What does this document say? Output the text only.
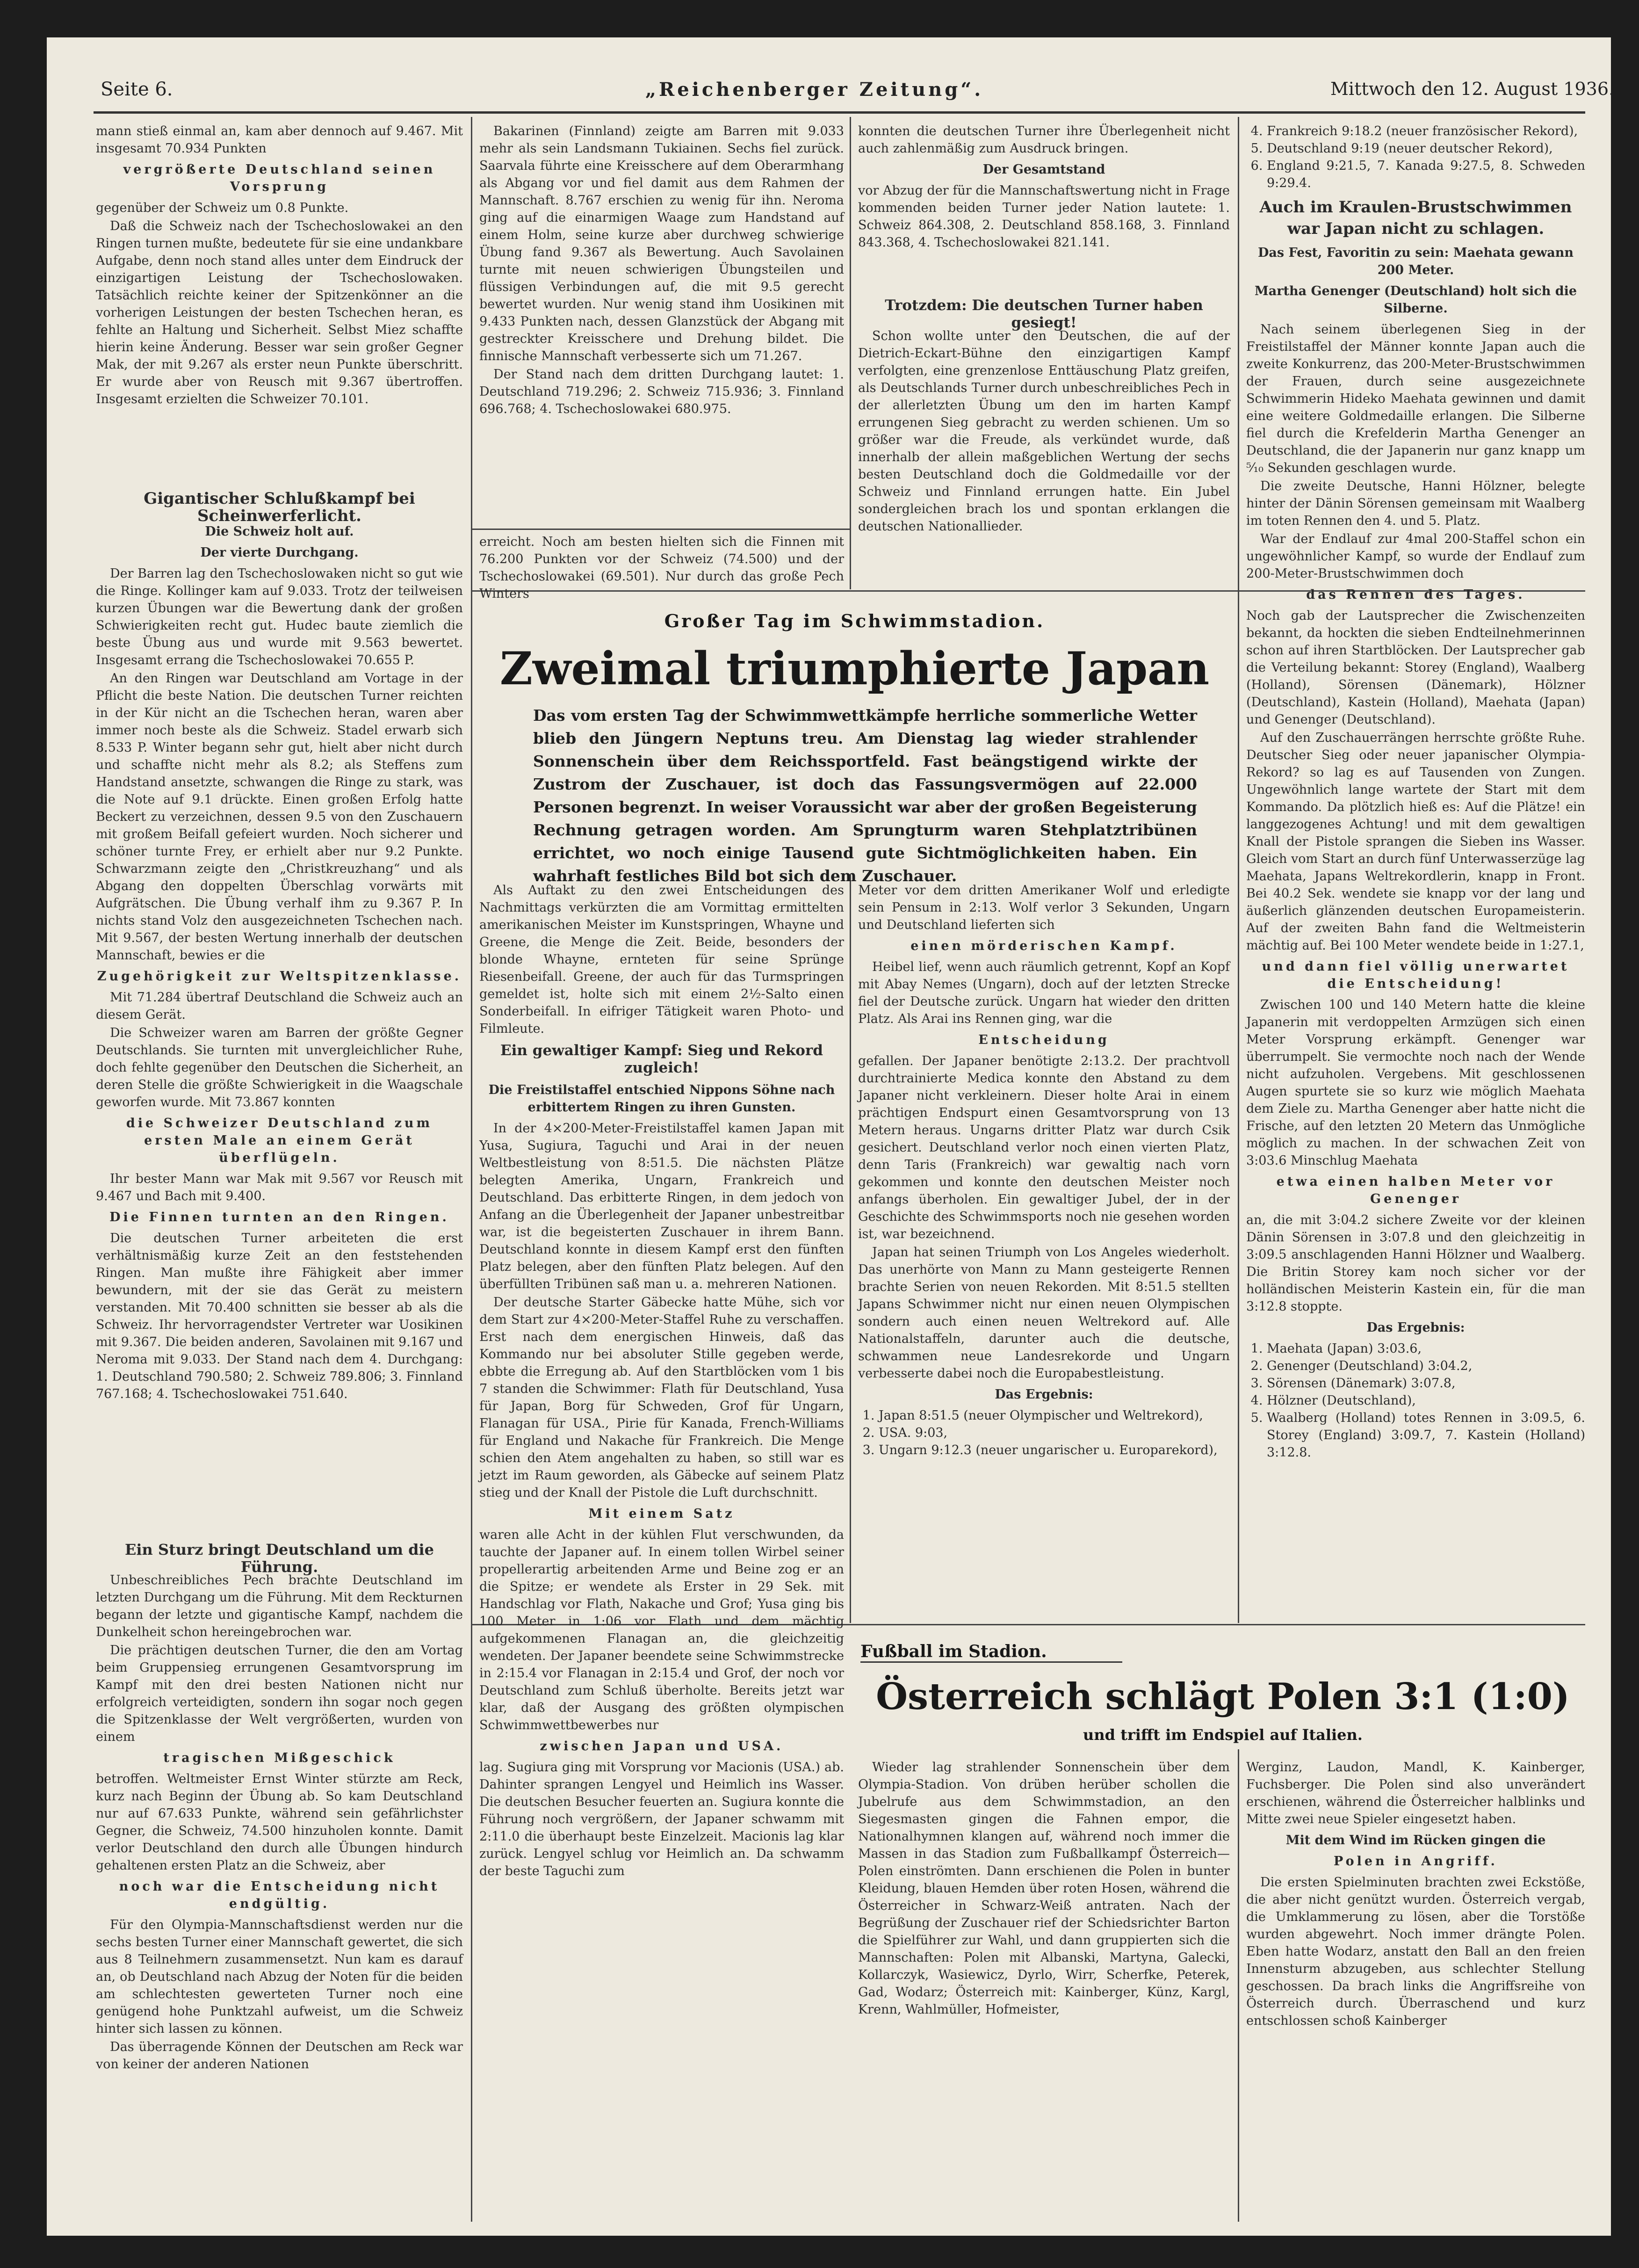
Seite 6.	„Reichenberger Zeitung“.	Mittwoch den 12. August 1936.

mann stieß einmal an, kam aber dennoch auf 9.467. Mit insgesamt 70.934 Punkten

vergrößerte Deutschland seinen Vorsprung

gegenüber der Schweiz um 0.8 Punkte.

Daß die Schweiz nach der Tschechoslowakei an den Ringen turnen mußte, bedeutete für sie eine undankbare Aufgabe, denn noch stand alles unter dem Eindruck der einzigartigen Leistung der Tschechoslowaken. Tatsächlich reichte keiner der Spitzenkönner an die vorherigen Leistungen der besten Tschechen heran, es fehlte an Haltung und Sicherheit. Selbst Miez schaffte hierin keine Änderung. Besser war sein großer Gegner Mak, der mit 9.267 als erster neun Punkte überschritt. Er wurde aber von Reusch mit 9.367 übertroffen. Insgesamt erzielten die Schweizer 70.101.

Gigantischer Schlußkampf bei Scheinwerferlicht.

Die Schweiz holt auf.

Der vierte Durchgang.

Der Barren lag den Tschechoslowaken nicht so gut wie die Ringe. Kollinger kam auf 9.033. Trotz der teilweisen kurzen Übungen war die Bewertung dank der großen Schwierigkeiten recht gut. Hudec baute ziemlich die beste Übung aus und wurde mit 9.563 bewertet. Insgesamt errang die Tschechoslowakei 70.655 P.

An den Ringen war Deutschland am Vortage in der Pflicht die beste Nation. Die deutschen Turner reichten in der Kür nicht an die Tschechen heran, waren aber immer noch beste als die Schweiz. Stadel erwarb sich 8.533 P. Winter begann sehr gut, hielt aber nicht durch und schaffte nicht mehr als 8.2; als Steffens zum Handstand ansetzte, schwangen die Ringe zu stark, was die Note auf 9.1 drückte. Einen großen Erfolg hatte Beckert zu verzeichnen, dessen 9.5 von den Zuschauern mit großem Beifall gefeiert wurden. Noch sicherer und schöner turnte Frey, er erhielt aber nur 9.2 Punkte. Schwarzmann zeigte den „Christkreuzhang“ und als Abgang den doppelten Überschlag vorwärts mit Aufgrätschen. Die Übung verhalf ihm zu 9.367 P. In nichts stand Volz den ausgezeichneten Tschechen nach. Mit 9.567, der besten Wertung innerhalb der deutschen Mannschaft, bewies er die

Zugehörigkeit zur Weltspitzenklasse.

Mit 71.284 übertraf Deutschland die Schweiz auch an diesem Gerät.

Die Schweizer waren am Barren der größte Gegner Deutschlands. Sie turnten mit unvergleichlicher Ruhe, doch fehlte gegenüber den Deutschen die Sicherheit, an deren Stelle die größte Schwierigkeit in die Waagschale geworfen wurde. Mit 73.867 konnten

die Schweizer Deutschland zum ersten Male an einem Gerät überflügeln.

Ihr bester Mann war Mak mit 9.567 vor Reusch mit 9.467 und Bach mit 9.400.

Die Finnen turnten an den Ringen.

Die deutschen Turner arbeiteten die erst verhältnismäßig kurze Zeit an den feststehenden Ringen. Man mußte ihre Fähigkeit aber immer bewundern, mit der sie das Gerät zu meistern verstanden. Mit 70.400 schnitten sie besser ab als die Schweiz. Ihr hervorragendster Vertreter war Uosikinen mit 9.367. Die beiden anderen, Savolainen mit 9.167 und Neroma mit 9.033. Der Stand nach dem 4. Durchgang: 1. Deutschland 790.580; 2. Schweiz 789.806; 3. Finnland 767.168; 4. Tschechoslowakei 751.640.

Ein Sturz bringt Deutschland um die Führung.

Unbeschreibliches Pech brachte Deutschland im letzten Durchgang um die Führung. Mit dem Reckturnen begann der letzte und gigantische Kampf, nachdem die Dunkelheit schon hereingebrochen war.

Die prächtigen deutschen Turner, die den am Vortag beim Gruppensieg errungenen Gesamtvorsprung im Kampf mit den drei besten Nationen nicht nur erfolgreich verteidigten, sondern ihn sogar noch gegen die Spitzenklasse der Welt vergrößerten, wurden von einem

tragischen Mißgeschick

betroffen. Weltmeister Ernst Winter stürzte am Reck, kurz nach Beginn der Übung ab. So kam Deutschland nur auf 67.633 Punkte, während sein gefährlichster Gegner, die Schweiz, 74.500 hinzuholen konnte. Damit verlor Deutschland den durch alle Übungen hindurch gehaltenen ersten Platz an die Schweiz, aber

noch war die Entscheidung nicht endgültig.

Für den Olympia-Mannschaftsdienst werden nur die sechs besten Turner einer Mannschaft gewertet, die sich aus 8 Teilnehmern zusammensetzt. Nun kam es darauf an, ob Deutschland nach Abzug der Noten für die beiden am schlechtesten gewerteten Turner noch eine genügend hohe Punktzahl aufweist, um die Schweiz hinter sich lassen zu können.

Das überragende Können der Deutschen am Reck war von keiner der anderen Nationen

Bakarinen (Finnland) zeigte am Barren mit 9.033 mehr als sein Landsmann Tukiainen. Sechs fiel zurück. Saarvala führte eine Kreisschere auf dem Oberarmhang als Abgang vor und fiel damit aus dem Rahmen der Mannschaft. 8.767 erschien zu wenig für ihn. Neroma ging auf die einarmigen Waage zum Handstand auf einem Holm, seine kurze aber durchweg schwierige Übung fand 9.367 als Bewertung. Auch Savolainen turnte mit neuen schwierigen Übungsteilen und flüssigen Verbindungen auf, die mit 9.5 gerecht bewertet wurden. Nur wenig stand ihm Uosikinen mit 9.433 Punkten nach, dessen Glanzstück der Abgang mit gestreckter Kreisschere und Drehung bildet. Die finnische Mannschaft verbesserte sich um 71.267.

Der Stand nach dem dritten Durchgang lautet: 1. Deutschland 719.296; 2. Schweiz 715.936; 3. Finnland 696.768; 4. Tschechoslowakei 680.975.

erreicht. Noch am besten hielten sich die Finnen mit 76.200 Punkten vor der Schweiz (74.500) und der Tschechoslowakei (69.501). Nur durch das große Pech Winters

konnten die deutschen Turner ihre Überlegenheit nicht auch zahlenmäßig zum Ausdruck bringen.

Der Gesamtstand

vor Abzug der für die Mannschaftswertung nicht in Frage kommenden beiden Turner jeder Nation lautete: 1. Schweiz 864.308, 2. Deutschland 858.168, 3. Finnland 843.368, 4. Tschechoslowakei 821.141.

Trotzdem: Die deutschen Turner haben gesiegt!

Schon wollte unter den Deutschen, die auf der Dietrich-Eckart-Bühne den einzigartigen Kampf verfolgten, eine grenzenlose Enttäuschung Platz greifen, als Deutschlands Turner durch unbeschreibliches Pech in der allerletzten Übung um den im harten Kampf errungenen Sieg gebracht zu werden schienen. Um so größer war die Freude, als verkündet wurde, daß innerhalb der allein maßgeblichen Wertung der sechs besten Deutschland doch die Goldmedaille vor der Schweiz und Finnland errungen hatte. Ein Jubel sondergleichen brach los und spontan erklangen die deutschen Nationallieder.

Großer Tag im Schwimmstadion.
Zweimal triumphierte Japan
Das vom ersten Tag der Schwimmwettkämpfe herrliche sommerliche Wetter blieb den Jüngern Neptuns treu. Am Dienstag lag wieder strahlender Sonnenschein über dem Reichssportfeld. Fast beängstigend wirkte der Zustrom der Zuschauer, ist doch das Fassungsvermögen auf 22.000 Personen begrenzt. In weiser Voraussicht war aber der großen Begeisterung Rechnung getragen worden. Am Sprungturm waren Stehplatztribünen errichtet, wo noch einige Tausend gute Sichtmöglichkeiten haben. Ein wahrhaft festliches Bild bot sich dem Zuschauer.

Als Auftakt zu den zwei Entscheidungen des Nachmittags verkürzten die am Vormittag ermittelten amerikanischen Meister im Kunstspringen, Whayne und Greene, die Menge die Zeit. Beide, besonders der blonde Whayne, ernteten für seine Sprünge Riesenbeifall. Greene, der auch für das Turmspringen gemeldet ist, holte sich mit einem 2½-Salto einen Sonderbeifall. In eifriger Tätigkeit waren Photo- und Filmleute.

Ein gewaltiger Kampf: Sieg und Rekord zugleich!

Die Freistilstaffel entschied Nippons Söhne nach erbittertem Ringen zu ihren Gunsten.

In der 4×200-Meter-Freistilstaffel kamen Japan mit Yusa, Sugiura, Taguchi und Arai in der neuen Weltbestleistung von 8:51.5. Die nächsten Plätze belegten Amerika, Ungarn, Frankreich und Deutschland. Das erbitterte Ringen, in dem jedoch von Anfang an die Überlegenheit der Japaner unbestreitbar war, ist die begeisterten Zuschauer in ihrem Bann. Deutschland konnte in diesem Kampf erst den fünften Platz belegen, aber den fünften Platz belegen. Auf den überfüllten Tribünen saß man u. a. mehreren Nationen.

Der deutsche Starter Gäbecke hatte Mühe, sich vor dem Start zur 4×200-Meter-Staffel Ruhe zu verschaffen. Erst nach dem energischen Hinweis, daß das Kommando nur bei absoluter Stille gegeben werde, ebbte die Erregung ab. Auf den Startblöcken vom 1 bis 7 standen die Schwimmer: Flath für Deutschland, Yusa für Japan, Borg für Schweden, Grof für Ungarn, Flanagan für USA., Pirie für Kanada, French-Williams für England und Nakache für Frankreich. Die Menge schien den Atem angehalten zu haben, so still war es jetzt im Raum geworden, als Gäbecke auf seinem Platz stieg und der Knall der Pistole die Luft durchschnitt.

Mit einem Satz

waren alle Acht in der kühlen Flut verschwunden, da tauchte der Japaner auf. In einem tollen Wirbel seiner propellerartig arbeitenden Arme und Beine zog er an die Spitze; er wendete als Erster in 29 Sek. mit Handschlag vor Flath, Nakache und Grof; Yusa ging bis 100 Meter in 1:06 vor Flath und dem mächtig aufgekommenen Flanagan an, die gleichzeitig wendeten. Der Japaner beendete seine Schwimmstrecke in 2:15.4 vor Flanagan in 2:15.4 und Grof, der noch vor Deutschland zum Schluß überholte. Bereits jetzt war klar, daß der Ausgang des größten olympischen Schwimmwettbewerbes nur

zwischen Japan und USA.

lag. Sugiura ging mit Vorsprung vor Macionis (USA.) ab. Dahinter sprangen Lengyel und Heimlich ins Wasser. Die deutschen Besucher feuerten an. Sugiura konnte die Führung noch vergrößern, der Japaner schwamm mit 2:11.0 die überhaupt beste Einzelzeit. Macionis lag klar zurück. Lengyel schlug vor Heimlich an. Da schwamm der beste Taguchi zum

Meter vor dem dritten Amerikaner Wolf und erledigte sein Pensum in 2:13. Wolf verlor 3 Sekunden, Ungarn und Deutschland lieferten sich

einen mörderischen Kampf.

Heibel lief, wenn auch räumlich getrennt, Kopf an Kopf mit Abay Nemes (Ungarn), doch auf der letzten Strecke fiel der Deutsche zurück. Ungarn hat wieder den dritten Platz. Als Arai ins Rennen ging, war die

Entscheidung

gefallen. Der Japaner benötigte 2:13.2. Der prachtvoll durchtrainierte Medica konnte den Abstand zu dem Japaner nicht verkleinern. Dieser holte Arai in einem prächtigen Endspurt einen Gesamtvorsprung von 13 Metern heraus. Ungarns dritter Platz war durch Csik gesichert. Deutschland verlor noch einen vierten Platz, denn Taris (Frankreich) war gewaltig nach vorn gekommen und konnte den deutschen Meister noch anfangs überholen. Ein gewaltiger Jubel, der in der Geschichte des Schwimmsports noch nie gesehen worden ist, war bezeichnend.

Japan hat seinen Triumph von Los Angeles wiederholt. Das unerhörte von Mann zu Mann gesteigerte Rennen brachte Serien von neuen Rekorden. Mit 8:51.5 stellten Japans Schwimmer nicht nur einen neuen Olympischen sondern auch einen neuen Weltrekord auf. Alle Nationalstaffeln, darunter auch die deutsche, schwammen neue Landesrekorde und Ungarn verbesserte dabei noch die Europabestleistung.

Das Ergebnis:

1. Japan 8:51.5 (neuer Olympischer und Weltrekord),
2. USA. 9:03,
3. Ungarn 9:12.3 (neuer ungarischer u. Europarekord),
4. Frankreich 9:18.2 (neuer französischer Rekord),
5. Deutschland 9:19 (neuer deutscher Rekord),
6. England 9:21.5, 7. Kanada 9:27.5, 8. Schweden 9:29.4.

Auch im Kraulen-Brustschwimmen war Japan nicht zu schlagen.

Das Fest, Favoritin zu sein: Maehata gewann 200 Meter.

Martha Genenger (Deutschland) holt sich die Silberne.

Nach seinem überlegenen Sieg in der Freistilstaffel der Männer konnte Japan auch die zweite Konkurrenz, das 200-Meter-Brustschwimmen der Frauen, durch seine ausgezeichnete Schwimmerin Hideko Maehata gewinnen und damit eine weitere Goldmedaille erlangen. Die Silberne fiel durch die Krefelderin Martha Genenger an Deutschland, die der Japanerin nur ganz knapp um ⁵⁄₁₀ Sekunden geschlagen wurde.

Die zweite Deutsche, Hanni Hölzner, belegte hinter der Dänin Sörensen gemeinsam mit Waalberg im toten Rennen den 4. und 5. Platz.

War der Endlauf zur 4mal 200-Staffel schon ein ungewöhnlicher Kampf, so wurde der Endlauf zum 200-Meter-Brustschwimmen doch

das Rennen des Tages.

Noch gab der Lautsprecher die Zwischenzeiten bekannt, da hockten die sieben Endteilnehmerinnen schon auf ihren Startblöcken. Der Lautsprecher gab die Verteilung bekannt: Storey (England), Waalberg (Holland), Sörensen (Dänemark), Hölzner (Deutschland), Kastein (Holland), Maehata (Japan) und Genenger (Deutschland).

Auf den Zuschauerrängen herrschte größte Ruhe. Deutscher Sieg oder neuer japanischer Olympia-Rekord? so lag es auf Tausenden von Zungen. Ungewöhnlich lange wartete der Start mit dem Kommando. Da plötzlich hieß es: Auf die Plätze! ein langgezogenes Achtung! und mit dem gewaltigen Knall der Pistole sprangen die Sieben ins Wasser. Gleich vom Start an durch fünf Unterwasserzüge lag Maehata, Japans Weltrekordlerin, knapp in Front. Bei 40.2 Sek. wendete sie knapp vor der lang und äußerlich glänzenden deutschen Europameisterin. Auf der zweiten Bahn fand die Weltmeisterin mächtig auf. Bei 100 Meter wendete beide in 1:27.1,

und dann fiel völlig unerwartet die Entscheidung!

Zwischen 100 und 140 Metern hatte die kleine Japanerin mit verdoppelten Armzügen sich einen Meter Vorsprung erkämpft. Genenger war überrumpelt. Sie vermochte noch nach der Wende nicht aufzuholen. Vergebens. Mit geschlossenen Augen spurtete sie so kurz wie möglich Maehata dem Ziele zu. Martha Genenger aber hatte nicht die Frische, auf den letzten 20 Metern das Unmögliche möglich zu machen. In der schwachen Zeit von 3:03.6 Minschlug Maehata

etwa einen halben Meter vor Genenger

an, die mit 3:04.2 sichere Zweite vor der kleinen Dänin Sörensen in 3:07.8 und den gleichzeitig in 3:09.5 anschlagenden Hanni Hölzner und Waalberg. Die Britin Storey kam noch sicher vor der holländischen Meisterin Kastein ein, für die man 3:12.8 stoppte.

Das Ergebnis:

1. Maehata (Japan) 3:03.6,
2. Genenger (Deutschland) 3:04.2,
3. Sörensen (Dänemark) 3:07.8,
4. Hölzner (Deutschland),
5. Waalberg (Holland) totes Rennen in 3:09.5, 6. Storey (England) 3:09.7, 7. Kastein (Holland) 3:12.8.
Fußball im Stadion.
Österreich schlägt Polen 3:1 (1:0)
und trifft im Endspiel auf Italien.

Wieder lag strahlender Sonnenschein über dem Olympia-Stadion. Von drüben herüber schollen die Jubelrufe aus dem Schwimmstadion, an den Siegesmasten gingen die Fahnen empor, die Nationalhymnen klangen auf, während noch immer die Massen in das Stadion zum Fußballkampf Österreich—Polen einströmten. Dann erschienen die Polen in bunter Kleidung, blauen Hemden über roten Hosen, während die Österreicher in Schwarz-Weiß antraten. Nach der Begrüßung der Zuschauer rief der Schiedsrichter Barton die Spielführer zur Wahl, und dann gruppierten sich die Mannschaften: Polen mit Albanski, Martyna, Galecki, Kollarczyk, Wasiewicz, Dyrlo, Wirr, Scherfke, Peterek, Gad, Wodarz; Österreich mit: Kainberger, Künz, Kargl, Krenn, Wahlmüller, Hofmeister,

Werginz, Laudon, Mandl, K. Kainberger, Fuchsberger. Die Polen sind also unverändert erschienen, während die Österreicher halblinks und Mitte zwei neue Spieler eingesetzt haben.

Mit dem Wind im Rücken gingen die

Polen in Angriff.

Die ersten Spielminuten brachten zwei Eckstöße, die aber nicht genützt wurden. Österreich vergab, die Umklammerung zu lösen, aber die Torstöße wurden abgewehrt. Noch immer drängte Polen. Eben hatte Wodarz, anstatt den Ball an den freien Innensturm abzugeben, aus schlechter Stellung geschossen. Da brach links die Angriffsreihe von Österreich durch. Überraschend und kurz entschlossen schoß Kainberger
